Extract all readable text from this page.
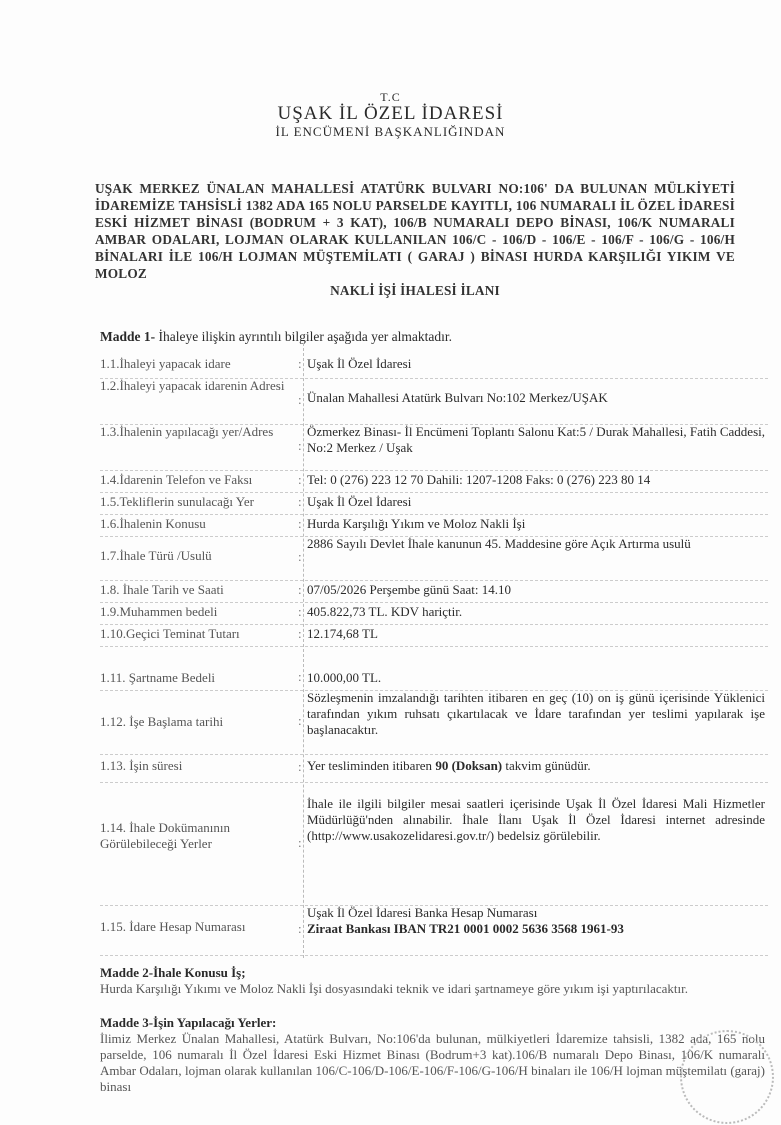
T.C
UŞAK İL ÖZEL İDARESİ
İL ENCÜMENİ BAŞKANLIĞINDAN
UŞAK MERKEZ ÜNALAN MAHALLESİ ATATÜRK BULVARI NO:106' DA BULUNAN MÜLKİYETİ İDAREMİZE TAHSİSLİ 1382 ADA 165 NOLU PARSELDE KAYITLI, 106 NUMARALI İL ÖZEL İDARESİ ESKİ HİZMET BİNASI (BODRUM + 3 KAT), 106/B NUMARALI DEPO BİNASI, 106/K NUMARALI AMBAR ODALARI, LOJMAN OLARAK KULLANILAN 106/C - 106/D - 106/E - 106/F - 106/G - 106/H BİNALARI İLE 106/H LOJMAN MÜŞTEMİLATI ( GARAJ ) BİNASI HURDA KARŞILIĞI YIKIM VE MOLOZ
NAKLİ İŞİ İHALESİ İLANI
Madde 1- İhaleye ilişkin ayrıntılı bilgiler aşağıda yer almaktadır.
1.1.İhaleyi yapacak idare	: Uşak İl Özel İdaresi
1.2.İhaleyi yapacak idarenin Adresi
: Ünalan Mahallesi Atatürk Bulvarı No:102 Merkez/UŞAK
1.3.İhalenin yapılacağı yer/Adres
:
Özmerkez Binası- İl Encümeni Toplantı Salonu Kat:5 / Durak Mahallesi, Fatih Caddesi, No:2 Merkez / Uşak
1.4.İdarenin Telefon ve Faksı	: Tel: 0 (276) 223 12 70 Dahili: 1207-1208 Faks: 0 (276) 223 80 14
1.5.Tekliflerin sunulacağı Yer	: Uşak İl Özel İdaresi
1.6.İhalenin Konusu	: Hurda Karşılığı Yıkım ve Moloz Nakli İşi
1.7.İhale Türü /Usulü	:
2886 Sayılı Devlet İhale kanunun 45. Maddesine göre Açık Artırma usulü
1.8. İhale Tarih ve Saati	: 07/05/2026 Perşembe günü Saat: 14.10
1.9.Muhammen bedeli	: 405.822,73 TL. KDV hariçtir.
1.10.Geçici Teminat Tutarı	: 12.174,68 TL
1.11. Şartname Bedeli	: 10.000,00 TL.
1.12. İşe Başlama tarihi	:
Sözleşmenin imzalandığı tarihten itibaren en geç (10) on iş günü içerisinde Yüklenici tarafından yıkım ruhsatı çıkartılacak ve İdare tarafından yer teslimi yapılarak işe başlanacaktır.
1.13. İşin süresi	: Yer tesliminden itibaren 90 (Doksan) takvim günüdür.
1.14. İhale Dokümanının Görülebileceği Yerler	:
İhale ile ilgili bilgiler mesai saatleri içerisinde Uşak İl Özel İdaresi Mali Hizmetler Müdürlüğü'nden alınabilir. İhale İlanı Uşak İl Özel İdaresi internet adresinde (http://www.usakozelidaresi.gov.tr/) bedelsiz görülebilir.
1.15. İdare Hesap Numarası	:
Uşak İl Özel İdaresi Banka Hesap Numarası
Ziraat Bankası IBAN TR21 0001 0002 5636 3568 1961-93
Madde 2-İhale Konusu İş;
Hurda Karşılığı Yıkımı ve Moloz Nakli İşi dosyasındaki teknik ve idari şartnameye göre yıkım işi yaptırılacaktır.
Madde 3-İşin Yapılacağı Yerler:
İlimiz Merkez Ünalan Mahallesi, Atatürk Bulvarı, No:106'da bulunan, mülkiyetleri İdaremize tahsisli, 1382 ada, 165 nolu parselde, 106 numaralı İl Özel İdaresi Eski Hizmet Binası (Bodrum+3 kat).106/B numaralı Depo Binası, 106/K numaralı Ambar Odaları, lojman olarak kullanılan 106/C-106/D-106/E-106/F-106/G-106/H binaları ile 106/H lojman müştemilatı (garaj) binası
